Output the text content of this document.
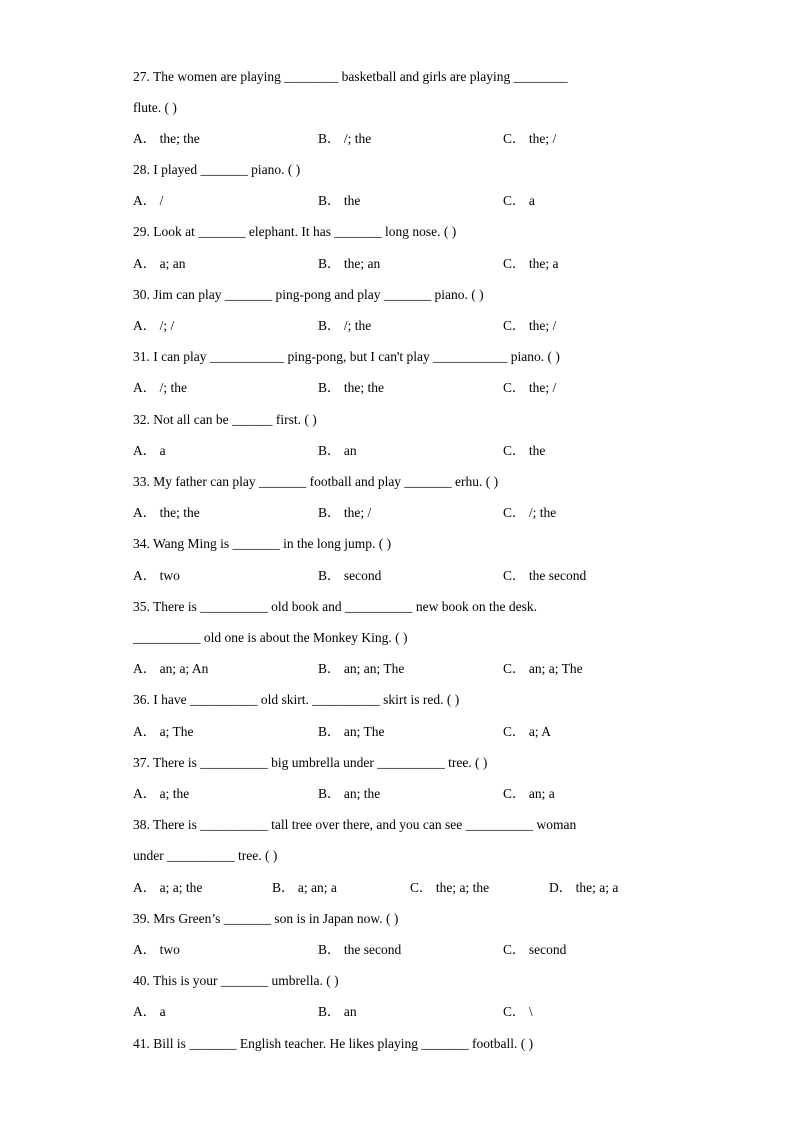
27. The women are playing ________ basketball and girls are playing ________
flute. ( )
A． the; the	B． /; the	C． the; /
28. I played _______ piano. ( )
A． /	B． the	C． a
29. Look at _______ elephant. It has _______ long nose. ( )
A． a; an	B． the; an	C． the; a
30. Jim can play _______ ping-pong and play _______ piano. ( )
A． /; /	B． /; the	C． the; /
31. I can play ___________ ping-pong, but I can't play ___________ piano. ( )
A． /; the	B． the; the	C． the; /
32. Not all can be ______ first. ( )
A． a	B． an	C． the
33. My father can play _______ football and play _______ erhu. ( )
A． the; the	B． the; /	C． /; the
34. Wang Ming is _______ in the long jump. ( )
A． two	B． second	C． the second
35. There is __________ old book and __________ new book on the desk.
__________ old one is about the Monkey King. ( )
A． an; a; An	B． an; an; The	C． an; a; The
36. I have __________ old skirt. __________ skirt is red. ( )
A． a; The	B． an; The	C． a; A
37. There is __________ big umbrella under __________ tree. ( )
A． a; the	B． an; the	C． an; a
38. There is __________ tall tree over there, and you can see __________ woman
under __________ tree. ( )
A． a; a; the	B． a; an; a	C． the; a; the	D． the; a; a
39. Mrs Green’s _______ son is in Japan now. ( )
A． two	B． the second	C． second
40. This is your _______ umbrella. ( )
A． a	B． an	C． \
41. Bill is _______ English teacher. He likes playing _______ football. ( )
